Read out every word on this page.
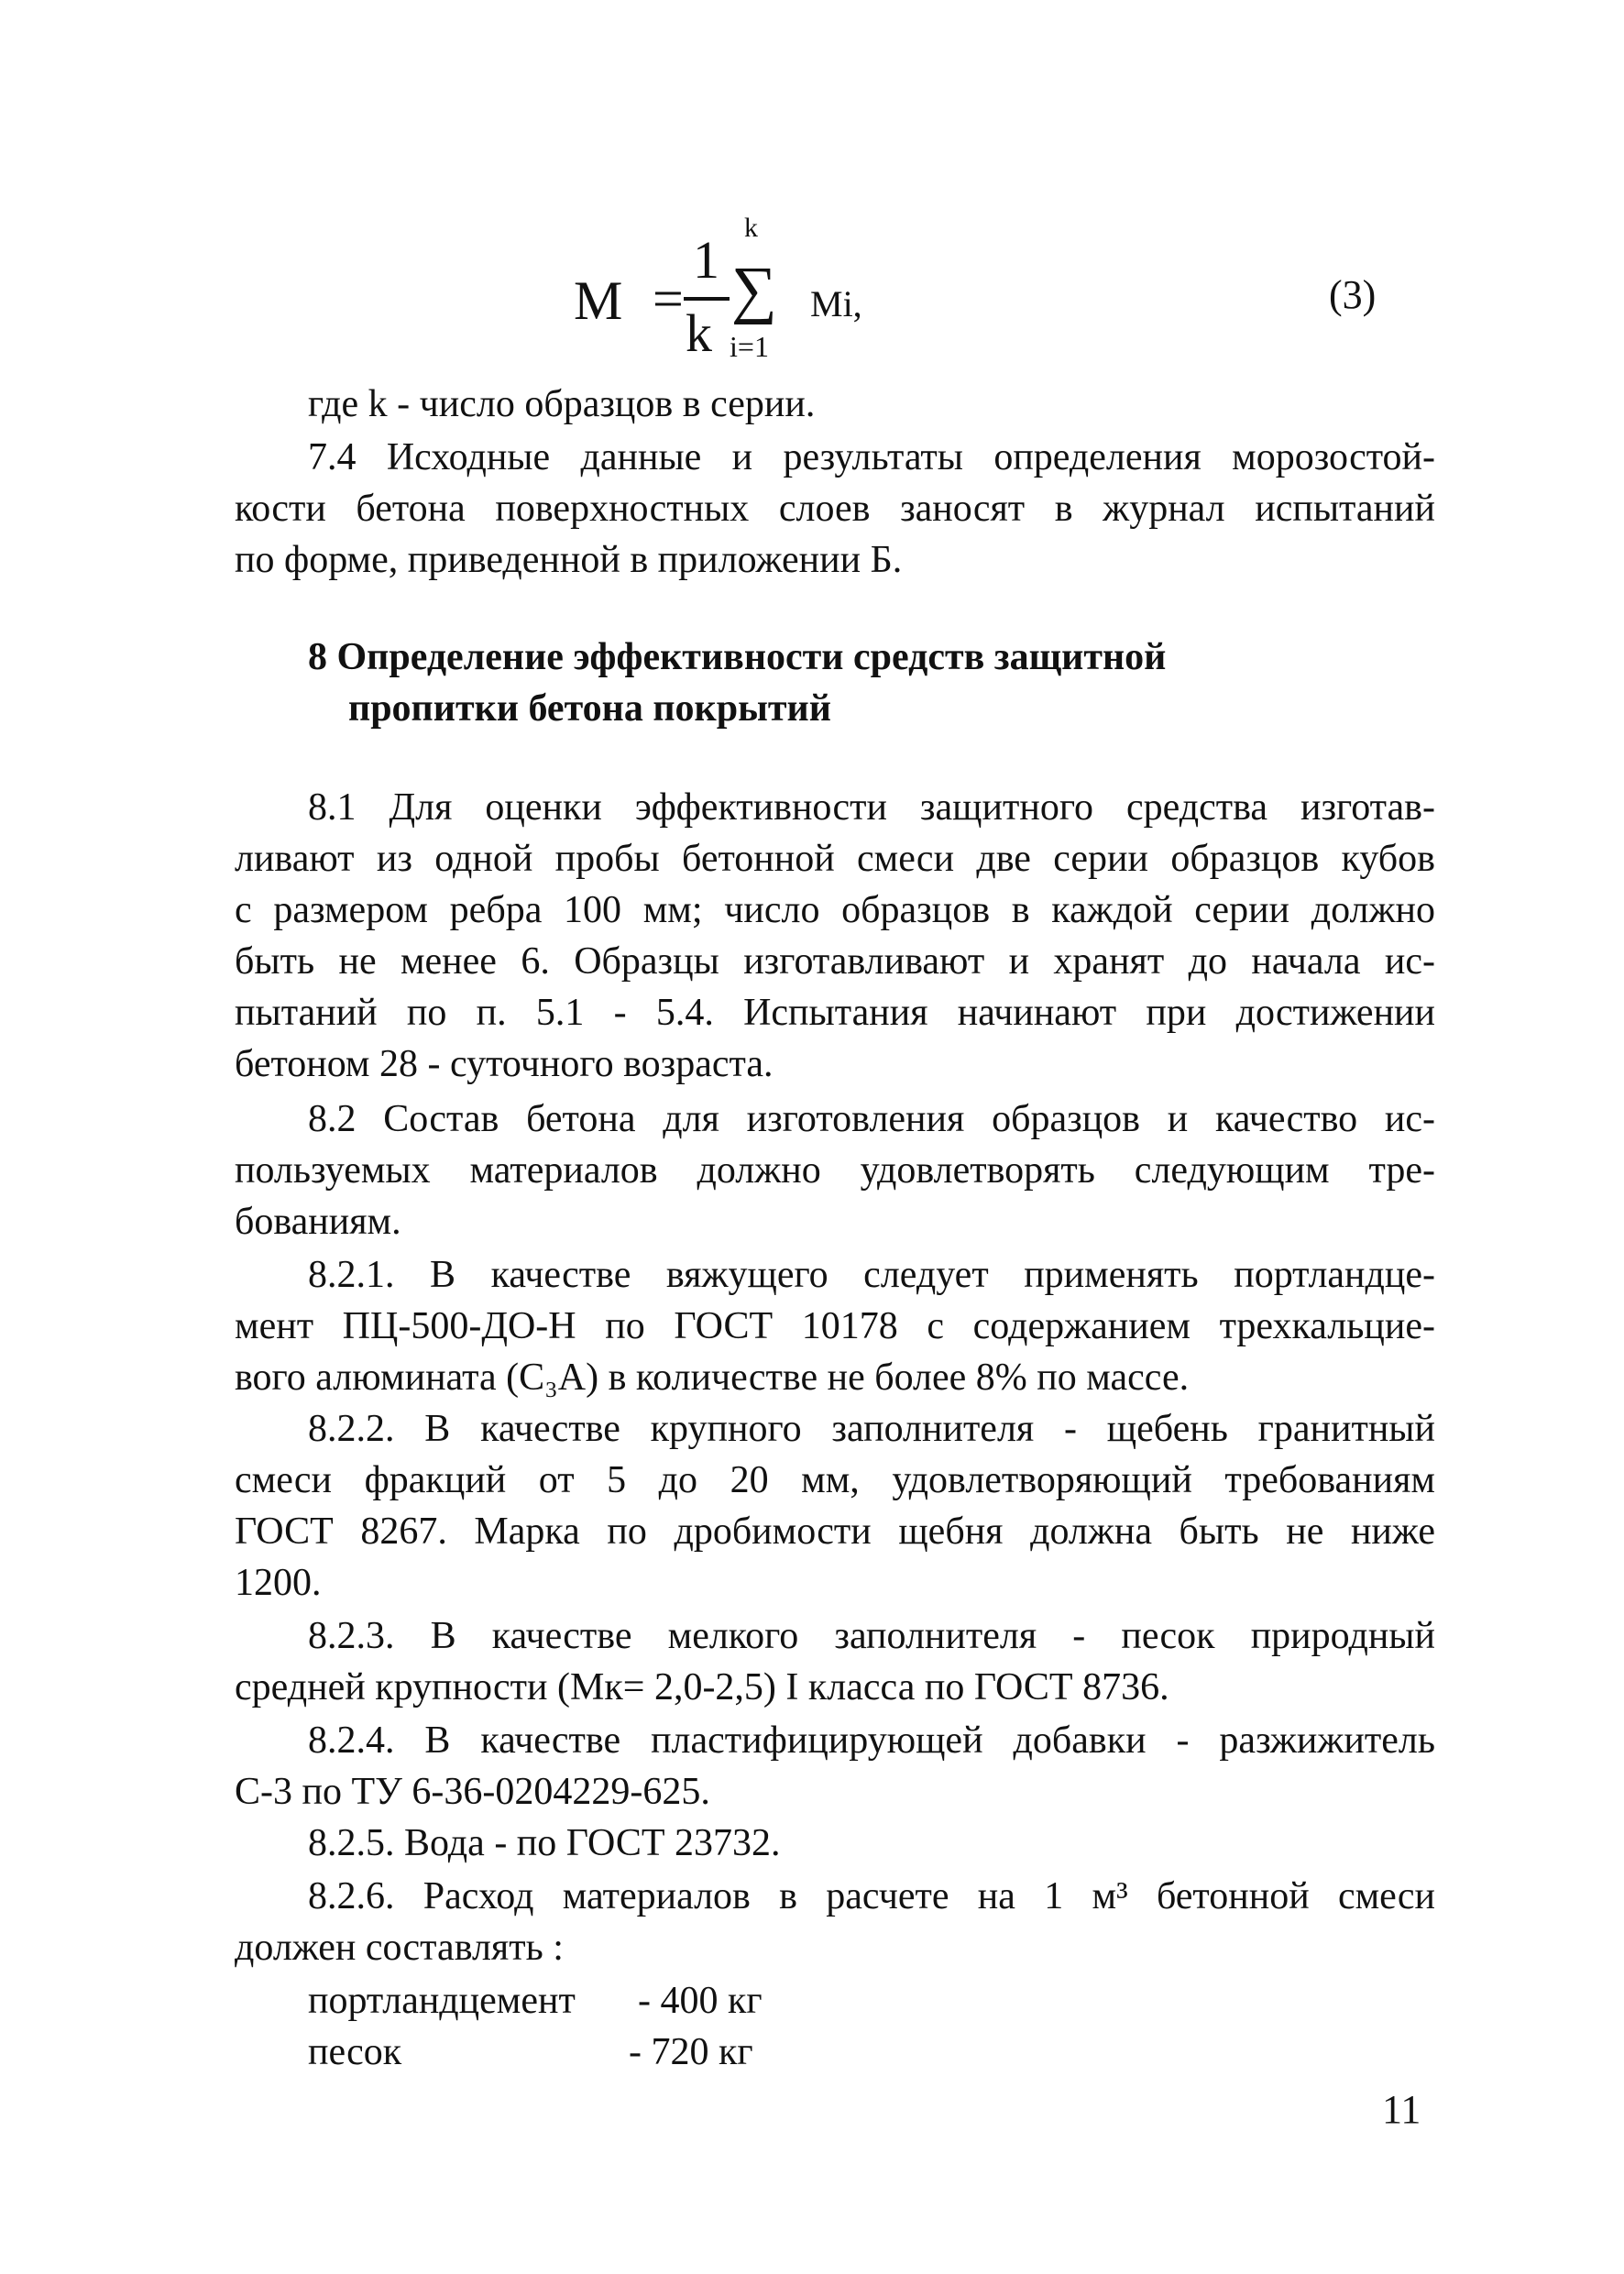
M =
1
k
k
∑
i=1
Mi,	(3)
где k - число образцов в серии.
7.4 Исходные данные и результаты определения морозостой-
кости бетона поверхностных слоев заносят в журнал испытаний
по форме, приведенной в приложении Б.
8 Определение эффективности средств защитной
пропитки бетона покрытий
8.1 Для оценки эффективности защитного средства изготав-
ливают из одной пробы бетонной смеси две серии образцов кубов
с размером ребра 100 мм; число образцов в каждой серии должно
быть не менее 6. Образцы изготавливают и хранят до начала ис-
пытаний по п. 5.1 - 5.4. Испытания начинают при достижении
бетоном 28 - суточного возраста.
8.2 Состав бетона для изготовления образцов и качество ис-
пользуемых материалов должно удовлетворять следующим тре-
бованиям.
8.2.1. В качестве вяжущего следует применять портландце-
мент ПЦ-500-ДО-Н по ГОСТ 10178 с содержанием трехкальцие-
вого алюмината (C₃A) в количестве не более 8% по массе.
8.2.2. В качестве крупного заполнителя - щебень гранитный
смеси фракций от 5 до 20 мм, удовлетворяющий требованиям
ГОСТ 8267. Марка по дробимости щебня должна быть не ниже
1200.
8.2.3. В качестве мелкого заполнителя - песок природный
средней крупности (Mк= 2,0-2,5) I класса по ГОСТ 8736.
8.2.4. В качестве пластифицирующей добавки - разжижитель
С-3 по ТУ 6-36-0204229-625.
8.2.5. Вода - по ГОСТ 23732.
8.2.6. Расход материалов в расчете на 1 м³ бетонной смеси
должен составлять :
портландцемент - 400 кг
песок	- 720 кг
11
